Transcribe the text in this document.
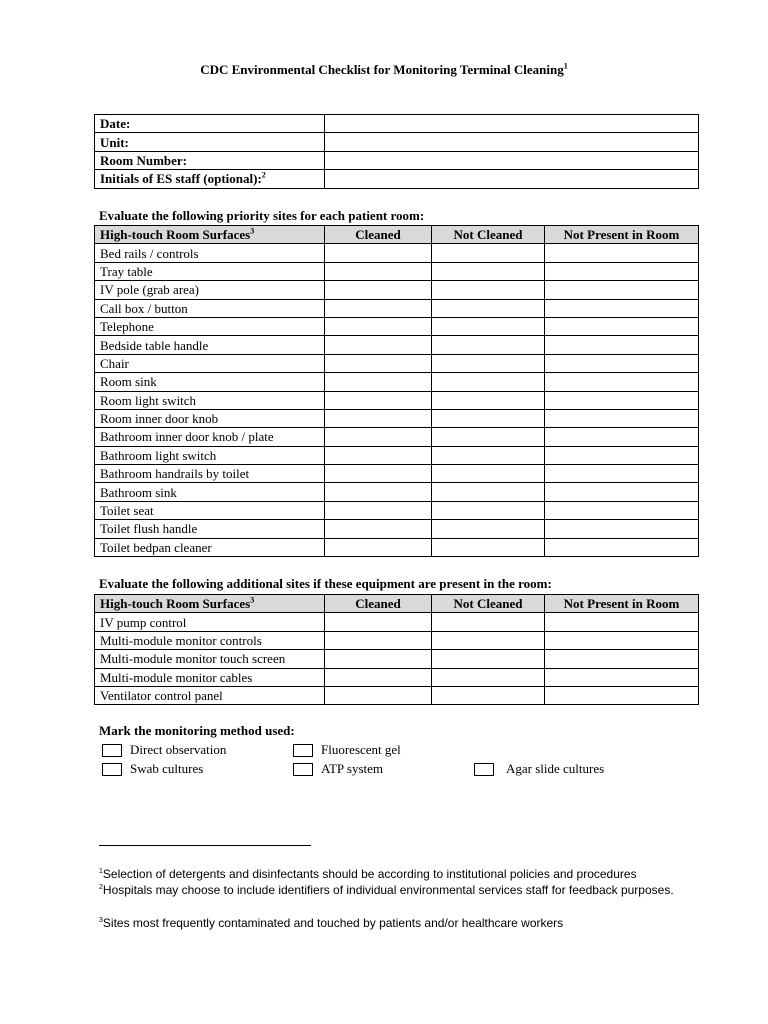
CDC Environmental Checklist for Monitoring Terminal Cleaning$^1$
Date:	
Unit:	
Room Number:	
Initials of ES staff (optional):$^2$	
Evaluate the following priority sites for each patient room:
High-touch Room Surfaces$^3$	Cleaned	Not Cleaned	Not Present in Room
Bed rails / controls			
Tray table			
IV pole (grab area)			
Call box / button			
Telephone			
Bedside table handle			
Chair			
Room sink			
Room light switch			
Room inner door knob			
Bathroom inner door knob / plate			
Bathroom light switch			
Bathroom handrails by toilet			
Bathroom sink			
Toilet seat			
Toilet flush handle			
Toilet bedpan cleaner			
Evaluate the following additional sites if these equipment are present in the room:
High-touch Room Surfaces$^3$	Cleaned	Not Cleaned	Not Present in Room
IV pump control			
Multi-module monitor controls			
Multi-module monitor touch screen			
Multi-module monitor cables			
Ventilator control panel			
Mark the monitoring method used:
Direct observation	Fluorescent gel
Swab cultures	ATP system	Agar slide cultures
$^1$Selection of detergents and disinfectants should be according to institutional policies and procedures
$^2$Hospitals may choose to include identifiers of individual environmental services staff for feedback purposes.
$^3$Sites most frequently contaminated and touched by patients and/or healthcare workers
